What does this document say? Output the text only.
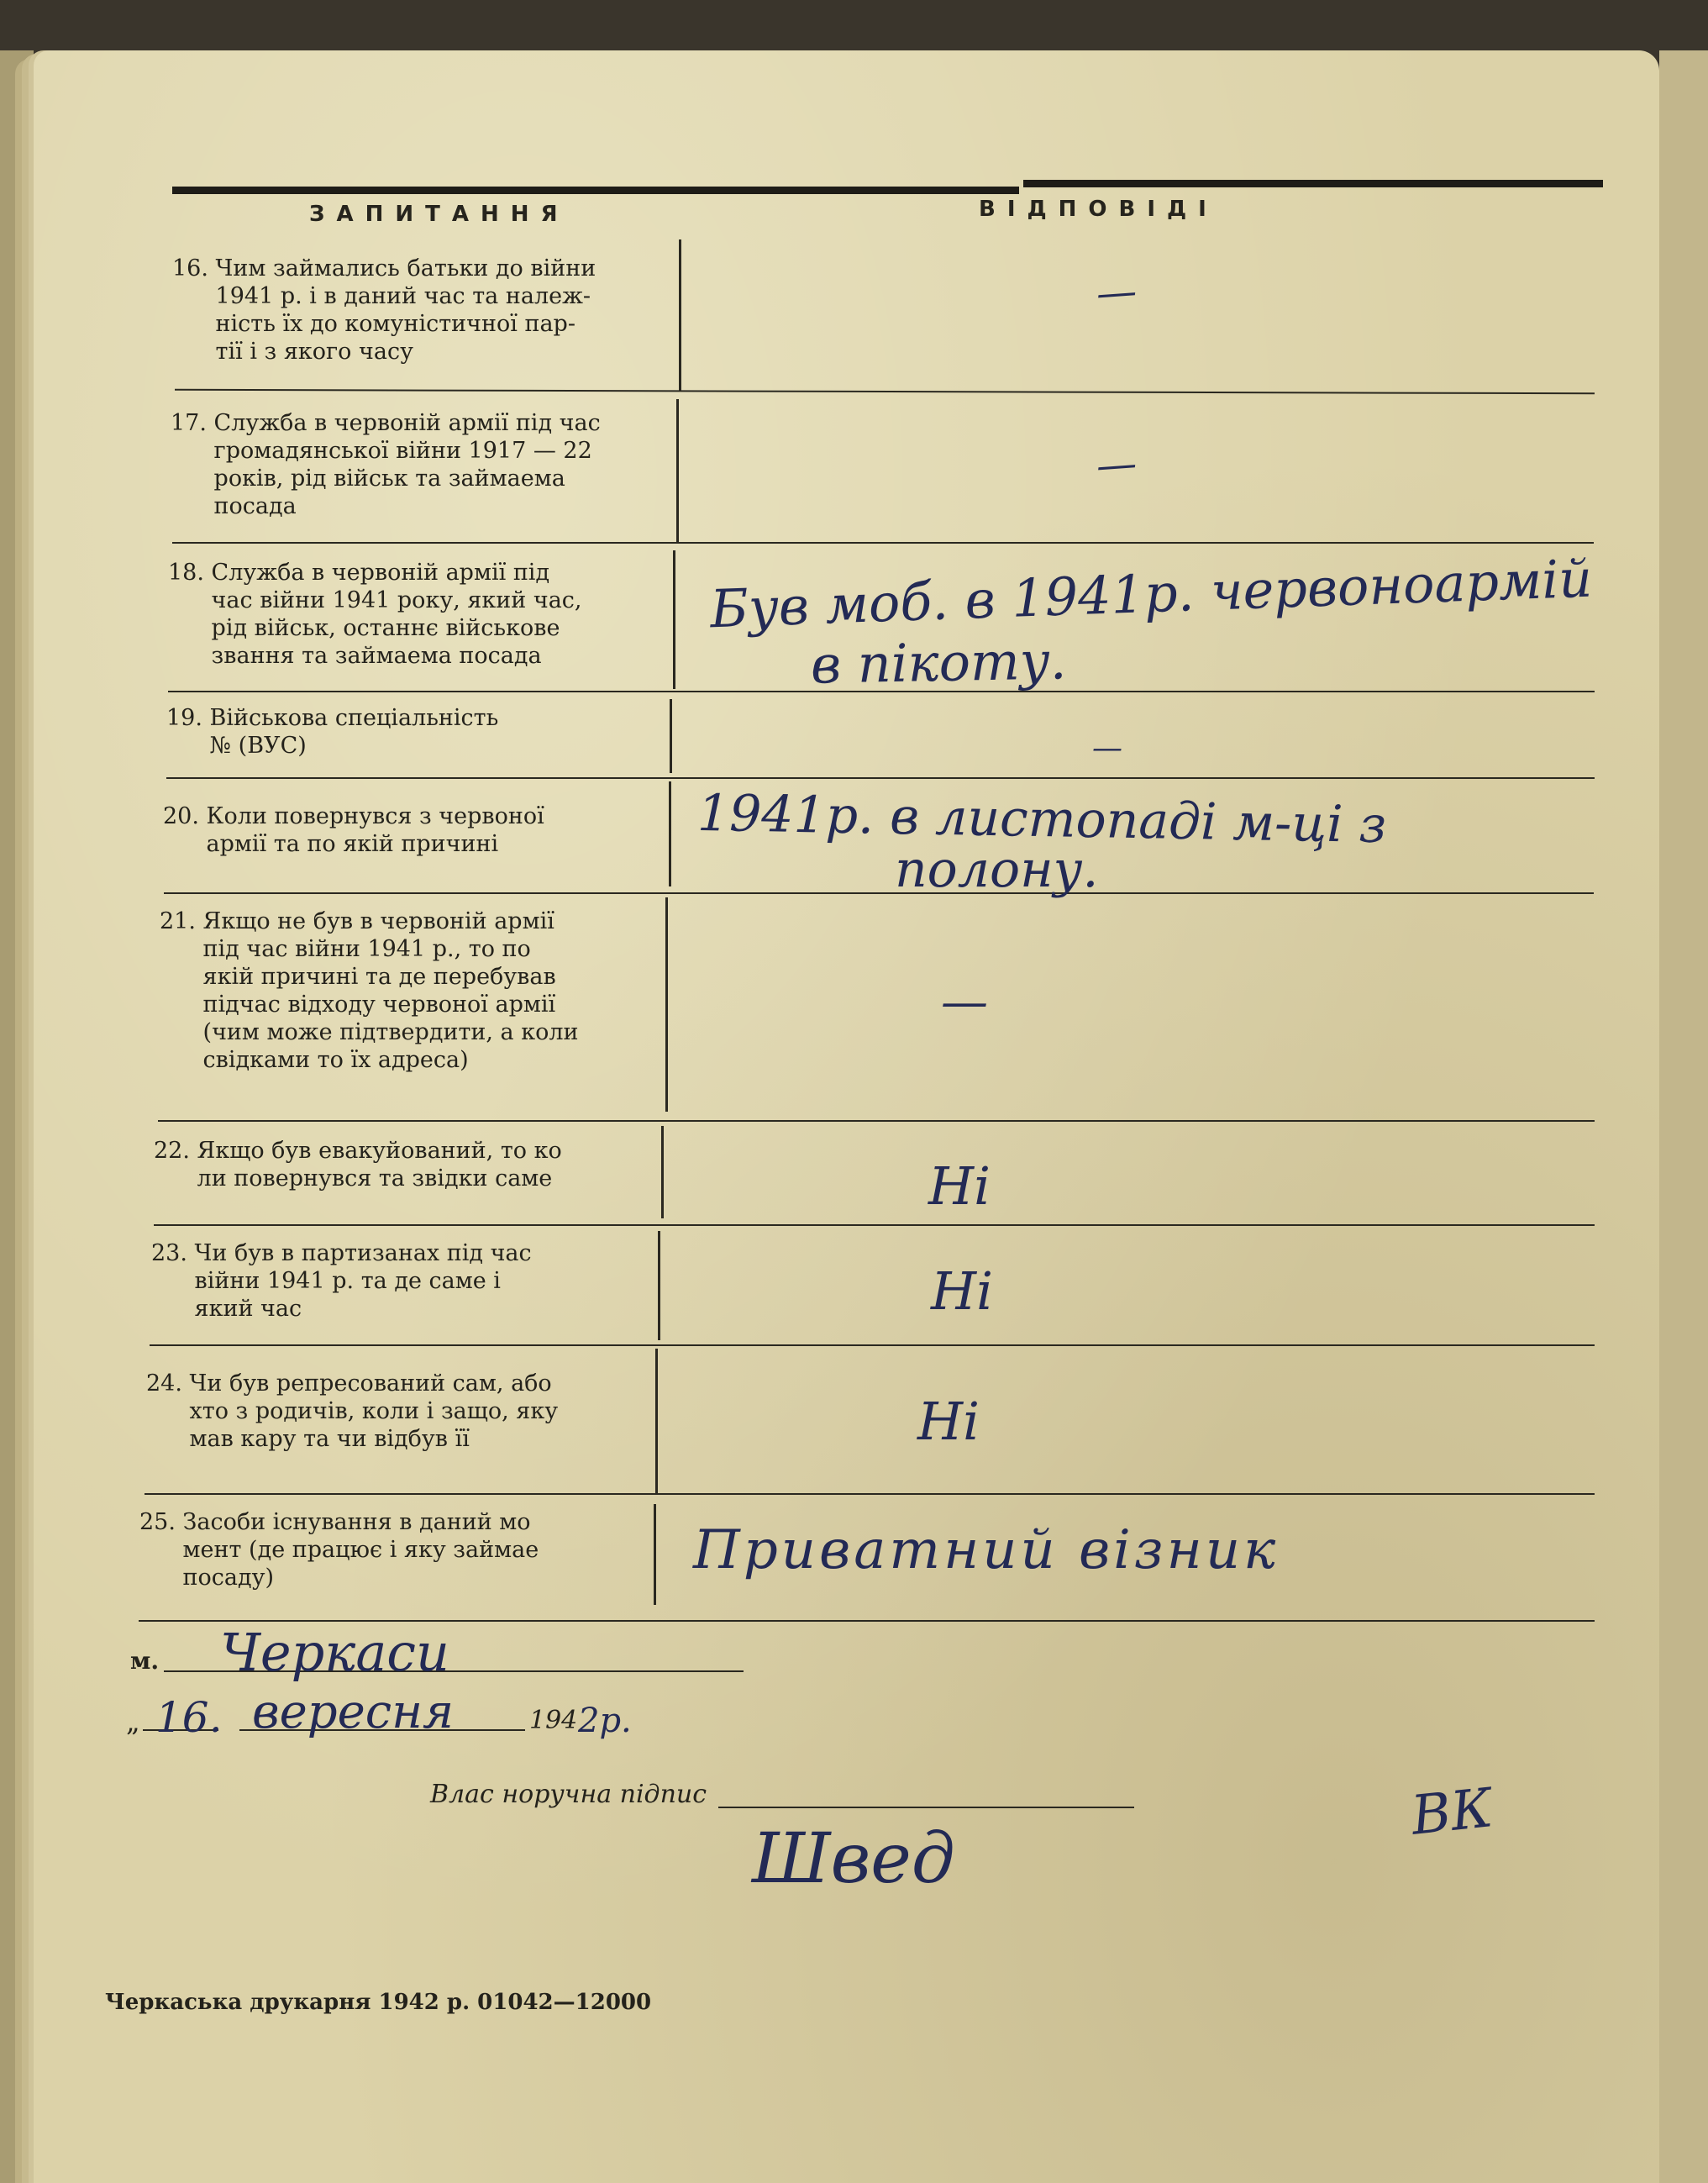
ЗАПИТАННЯ	ВІДПОВІДІ
16. Чим займались батьки до війни
1941 р. і в даний час та належ-
ність їх до комуністичної пар-
тії і з якого часу
17. Служба в червоній армії під час
громадянської війни 1917 — 22
років, рід військ та займаема
посада
18. Служба в червоній армії під
час війни 1941 року, який час,
рід військ, останнє військове
звання та займаема посада
19. Військова спеціальність
№ (ВУС)
20. Коли повернувся з червоної
армії та по якій причині
21. Якщо не був в червоній армії
під час війни 1941 р., то по
якій причині та де перебував
підчас відходу червоної армії
(чим може підтвердити, а коли
свідками то їх адреса)
22. Якщо був евакуйований, то ко
ли повернувся та звідки саме
23. Чи був в партизанах під час
війни 1941 р. та де саме і
який час
24. Чи був репресований сам, або
хто з родичів, коли і защо, яку
мав кару та чи відбув її
25. Засоби існування в даний мо
мент (де працює і яку займае
посаду)
—
—
Був моб. в 1941р. червоноармій
в пікоту.
—
1941р. в листопаді м-ці з
полону.
—
Ні
Ні
Ні
Приватний візник
м. Черкаси
„ 16. вересня	194 2р.
Влас норучна підпис
Швед
ВК
Черкаська друкарня 1942 р. 01042—12000
